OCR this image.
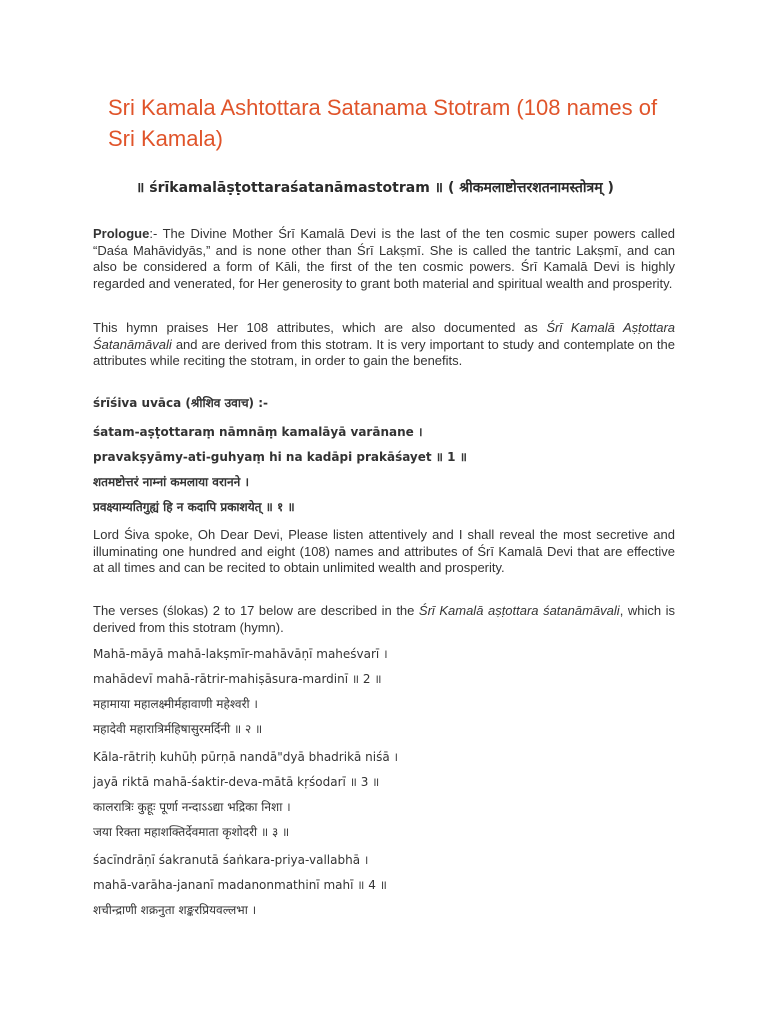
Sri Kamala Ashtottara Satanama Stotram (108 names of Sri Kamala)

॥ śrīkamalāṣṭottaraśatanāmastotram ॥ ( श्रीकमलाष्टोत्तरशतनामस्तोत्रम् )

Prologue:- The Divine Mother Śrī Kamalā Devi is the last of the ten cosmic super powers called “Daśa Mahāvidyās,” and is none other than Śrī Lakṣmī. She is called the tantric Lakṣmī, and can also be considered a form of Kāli, the first of the ten cosmic powers. Śrī Kamalā Devi is highly regarded and venerated, for Her generosity to grant both material and spiritual wealth and prosperity.

This hymn praises Her 108 attributes, which are also documented as Śrī Kamalā Aṣṭottara Śatanāmāvali and are derived from this stotram. It is very important to study and contemplate on the attributes while reciting the stotram, in order to gain the benefits.

śrīśiva uvāca (श्रीशिव उवाच) :-

śatam-aṣṭottaraṃ nāmnāṃ kamalāyā varānane ।

pravakṣyāmy-ati-guhyaṃ hi na kadāpi prakāśayet ॥ 1 ॥

शतमष्टोत्तरं नाम्नां कमलाया वरानने ।

प्रवक्ष्याम्यतिगुह्यं हि न कदापि प्रकाशयेत् ॥ १ ॥

Lord Śiva spoke, Oh Dear Devi, Please listen attentively and I shall reveal the most secretive and illuminating one hundred and eight (108) names and attributes of Śrī Kamalā Devi that are effective at all times and can be recited to obtain unlimited wealth and prosperity.

The verses (ślokas) 2 to 17 below are described in the Śrī Kamalā aṣṭottara śatanāmāvali, which is derived from this stotram (hymn).

Mahā-māyā mahā-lakṣmīr-mahāvāṇī maheśvarī ।

mahādevī mahā-rātrir-mahiṣāsura-mardinī ॥ 2 ॥

महामाया महालक्ष्मीर्महावाणी महेश्वरी ।

महादेवी महारात्रिर्महिषासुरमर्दिनी ॥ २ ॥

Kāla-rātriḥ kuhūḥ pūrṇā nandā"dyā bhadrikā niśā ।

jayā riktā mahā-śaktir-deva-mātā kṛśodarī ॥ 3 ॥

कालरात्रिः कुहूः पूर्णा नन्दाऽऽद्या भद्रिका निशा ।

जया रिक्ता महाशक्तिर्देवमाता कृशोदरी ॥ ३ ॥

śacīndrāṇī śakranutā śaṅkara-priya-vallabhā ।

mahā-varāha-jananī madanonmathinī mahī ॥ 4 ॥

शचीन्द्राणी शक्रनुता शङ्करप्रियवल्लभा ।
